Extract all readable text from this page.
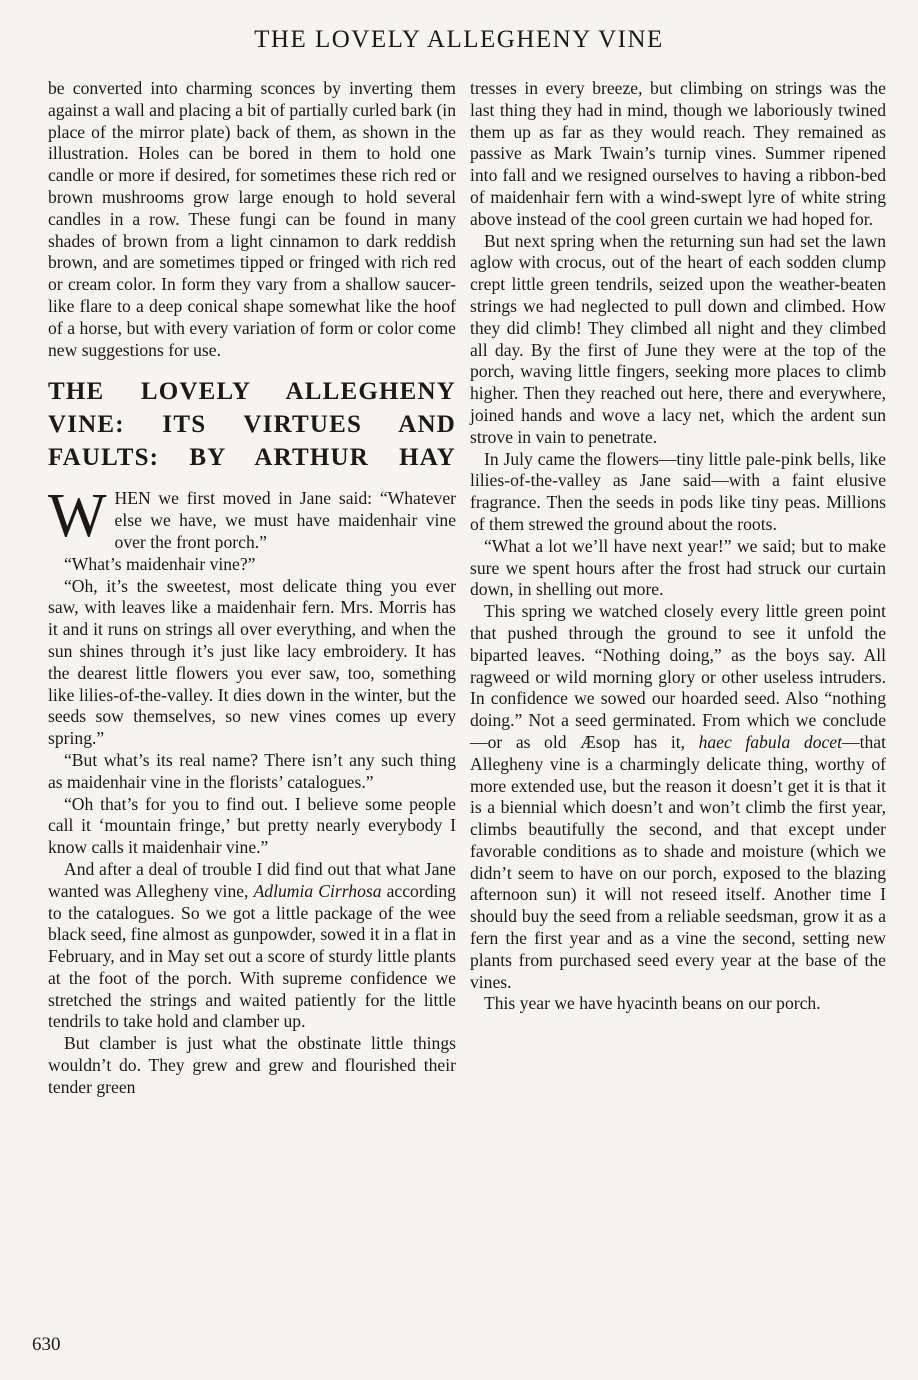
THE LOVELY ALLEGHENY VINE

be converted into charming sconces by inverting them against a wall and placing a bit of partially curled bark (in place of the mirror plate) back of them, as shown in the illustration. Holes can be bored in them to hold one candle or more if desired, for sometimes these rich red or brown mushrooms grow large enough to hold several candles in a row. These fungi can be found in many shades of brown from a light cinnamon to dark reddish brown, and are sometimes tipped or fringed with rich red or cream color. In form they vary from a shallow saucer-like flare to a deep conical shape somewhat like the hoof of a horse, but with every variation of form or color come new suggestions for use.

THE LOVELY ALLEGHENY
VINE: ITS VIRTUES AND
FAULTS: BY ARTHUR HAY

W HEN we first moved in Jane said: “Whatever else we have, we must have maidenhair vine over the front porch.”

“What’s maidenhair vine?”

“Oh, it’s the sweetest, most delicate thing you ever saw, with leaves like a maidenhair fern. Mrs. Morris has it and it runs on strings all over everything, and when the sun shines through it’s just like lacy embroidery. It has the dearest little flowers you ever saw, too, something like lilies-of-the-valley. It dies down in the winter, but the seeds sow themselves, so new vines comes up every spring.”

“But what’s its real name? There isn’t any such thing as maidenhair vine in the florists’ catalogues.”

“Oh that’s for you to find out. I believe some people call it ‘mountain fringe,’ but pretty nearly everybody I know calls it maidenhair vine.”

And after a deal of trouble I did find out that what Jane wanted was Allegheny vine, Adlumia Cirrhosa according to the catalogues. So we got a little package of the wee black seed, fine almost as gunpowder, sowed it in a flat in February, and in May set out a score of sturdy little plants at the foot of the porch. With supreme confidence we stretched the strings and waited patiently for the little tendrils to take hold and clamber up.

But clamber is just what the obstinate little things wouldn’t do. They grew and grew and flourished their tender green

tresses in every breeze, but climbing on strings was the last thing they had in mind, though we laboriously twined them up as far as they would reach. They remained as passive as Mark Twain’s turnip vines. Summer ripened into fall and we resigned ourselves to having a ribbon-bed of maidenhair fern with a wind-swept lyre of white string above instead of the cool green curtain we had hoped for.

But next spring when the returning sun had set the lawn aglow with crocus, out of the heart of each sodden clump crept little green tendrils, seized upon the weather-beaten strings we had neglected to pull down and climbed. How they did climb! They climbed all night and they climbed all day. By the first of June they were at the top of the porch, waving little fingers, seeking more places to climb higher. Then they reached out here, there and everywhere, joined hands and wove a lacy net, which the ardent sun strove in vain to penetrate.

In July came the flowers—tiny little pale-pink bells, like lilies-of-the-valley as Jane said—with a faint elusive fragrance. Then the seeds in pods like tiny peas. Millions of them strewed the ground about the roots.

“What a lot we’ll have next year!” we said; but to make sure we spent hours after the frost had struck our curtain down, in shelling out more.

This spring we watched closely every little green point that pushed through the ground to see it unfold the biparted leaves. “Nothing doing,” as the boys say. All ragweed or wild morning glory or other useless intruders. In confidence we sowed our hoarded seed. Also “nothing doing.” Not a seed germinated. From which we conclude—or as old Æsop has it, haec fabula docet—that Allegheny vine is a charmingly delicate thing, worthy of more extended use, but the reason it doesn’t get it is that it is a biennial which doesn’t and won’t climb the first year, climbs beautifully the second, and that except under favorable conditions as to shade and moisture (which we didn’t seem to have on our porch, exposed to the blazing afternoon sun) it will not reseed itself. Another time I should buy the seed from a reliable seedsman, grow it as a fern the first year and as a vine the second, setting new plants from purchased seed every year at the base of the vines.

This year we have hyacinth beans on our porch.

630
